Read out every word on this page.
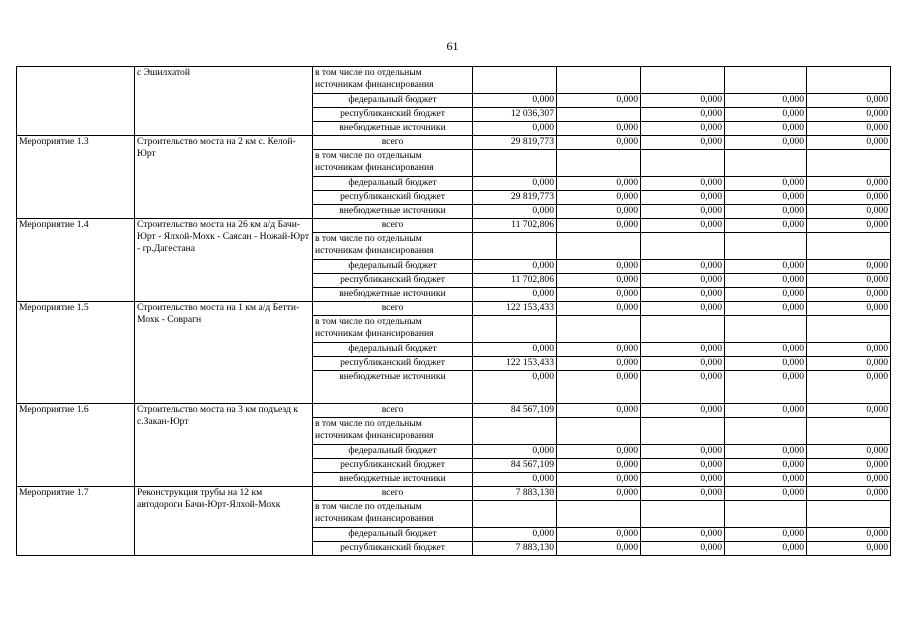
61
	с Эшилхатой	в том числе по отдельным источникам финансирования					
		федеральный бюджет	0,000	0,000	0,000	0,000	0,000
		республиканский бюджет	12 036,307		0,000	0,000	0,000
		внебюджетные источники	0,000	0,000	0,000	0,000	0,000
Мероприятие 1.3	Строительство моста на 2 км с. Келой-Юрт	всего	29 819,773	0,000	0,000	0,000	0,000
		в том числе по отдельным источникам финансирования					
		федеральный бюджет	0,000	0,000	0,000	0,000	0,000
		республиканский бюджет	29 819,773	0,000	0,000	0,000	0,000
		внебюджетные источники	0,000	0,000	0,000	0,000	0,000
Мероприятие 1.4	Строительство моста на 26 км а/д Бачи-Юрт - Ялхой-Мохк - Саясан - Ножай-Юрт - гр.Дагестана	всего	11 702,806	0,000	0,000	0,000	0,000
		в том числе по отдельным источникам финансирования					
		федеральный бюджет	0,000	0,000	0,000	0,000	0,000
		республиканский бюджет	11 702,806	0,000	0,000	0,000	0,000
		внебюджетные источники	0,000	0,000	0,000	0,000	0,000
Мероприятие 1.5	Строительство моста на 1 км а/д Бетти-Мохк - Соврагн	всего	122 153,433	0,000	0,000	0,000	0,000
		в том числе по отдельным источникам финансирования					
		федеральный бюджет	0,000	0,000	0,000	0,000	0,000
		республиканский бюджет	122 153,433	0,000	0,000	0,000	0,000
		внебюджетные источники	0,000	0,000	0,000	0,000	0,000
Мероприятие 1.6	Строительство моста на 3 км подъезд к с.Закан-Юрт	всего	84 567,109	0,000	0,000	0,000	0,000
		в том числе по отдельным источникам финансирования					
		федеральный бюджет	0,000	0,000	0,000	0,000	0,000
		республиканский бюджет	84 567,109	0,000	0,000	0,000	0,000
		внебюджетные источники	0,000	0,000	0,000	0,000	0,000
Мероприятие 1.7	Реконструкция трубы на 12 км автодороги Бачи-Юрт-Ялхой-Мохк	всего	7 883,130	0,000	0,000	0,000	0,000
		в том числе по отдельным источникам финансирования					
		федеральный бюджет	0,000	0,000	0,000	0,000	0,000
		республиканский бюджет	7 883,130	0,000	0,000	0,000	0,000
